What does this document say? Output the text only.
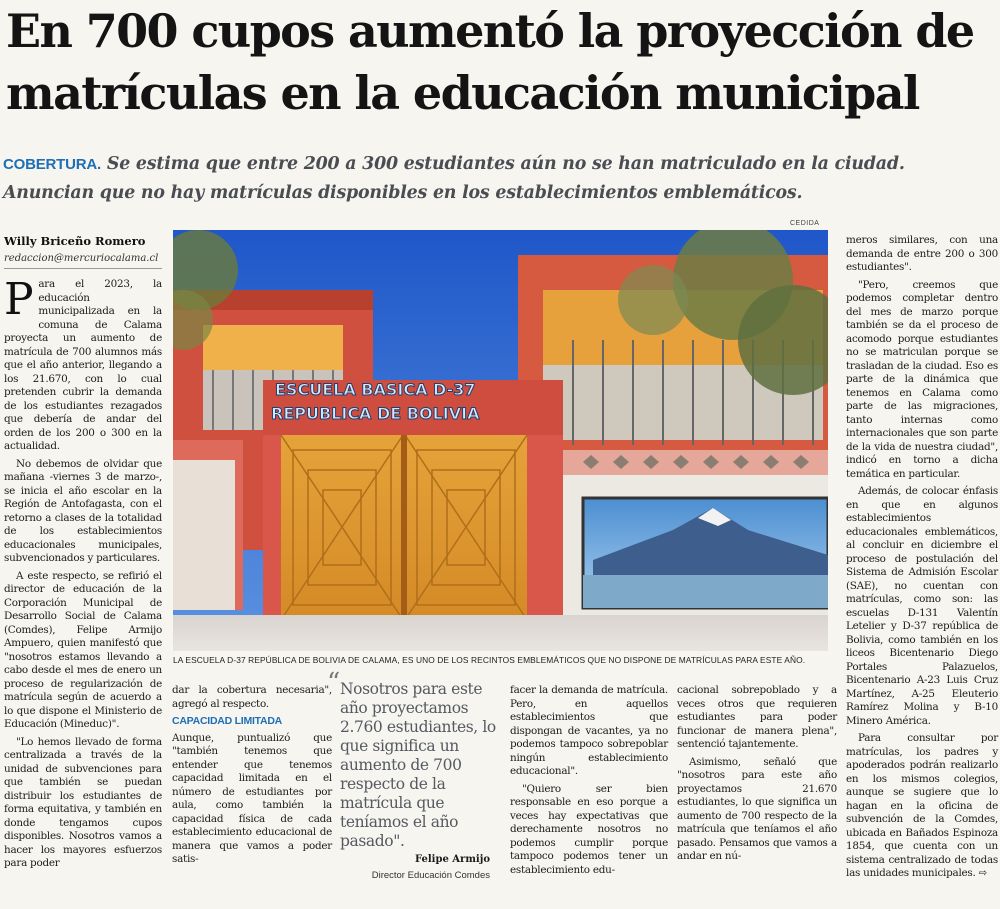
En 700 cupos aumentó la proyección de matrículas en la educación municipal
COBERTURA. Se estima que entre 200 a 300 estudiantes aún no se han matriculado en la ciudad. Anuncian que no hay matrículas disponibles en los establecimientos emblemáticos.
Willy Briceño Romero
redaccion@mercuriocalama.cl

Para el 2023, la educación municipalizada en la comuna de Calama proyecta un aumento de matrícula de 700 alumnos más que el año anterior, llegando a los 21.670, con lo cual pretenden cubrir la demanda de los estudiantes rezagados que debería de andar del orden de los 200 o 300 en la actualidad.

No debemos de olvidar que mañana -viernes 3 de marzo-, se inicia el año escolar en la Región de Antofagasta, con el retorno a clases de la totalidad de los establecimientos educacionales municipales, subvencionados y particulares.

A este respecto, se refirió el director de educación de la Corporación Municipal de Desarrollo Social de Calama (Comdes), Felipe Armijo Ampuero, quien manifestó que "nosotros estamos llevando a cabo desde el mes de enero un proceso de regularización de matrícula según de acuerdo a lo que dispone el Ministerio de Educación (Mineduc)".

"Lo hemos llevado de forma centralizada a través de la unidad de subvenciones para que también se puedan distribuir los estudiantes de forma equitativa, y también en donde tengamos cupos disponibles. Nosotros vamos a hacer los mayores esfuerzos para poder

CEDIDA
ESCUELA BASICA D-37
REPUBLICA DE BOLIVIA
LA ESCUELA D-37 REPÚBLICA DE BOLIVIA DE CALAMA, ES UNO DE LOS RECINTOS EMBLEMÁTICOS QUE NO DISPONE DE MATRÍCULAS PARA ESTE AÑO.

dar la cobertura necesaria", agregó al respecto.

CAPACIDAD LIMITADA

Aunque, puntualizó que "también tenemos que entender que tenemos capacidad limitada en el número de estudiantes por aula, como también la capacidad física de cada establecimiento educacional de manera que vamos a poder satis-

“ Nosotros para este año proyectamos 2.760 estudiantes, lo que significa un aumento de 700 respecto de la matrícula que teníamos el año pasado".
Felipe Armijo
Director Educación Comdes

facer la demanda de matrícula. Pero, en aquellos establecimientos que dispongan de vacantes, ya no podemos tampoco sobrepoblar ningún establecimiento educacional".

"Quiero ser bien responsable en eso porque a veces hay expectativas que derechamente nosotros no podemos cumplir porque tampoco podemos tener un establecimiento edu-

cacional sobrepoblado y a veces otros que requieren estudiantes para poder funcionar de manera plena", sentenció tajantemente.

Asimismo, señaló que "nosotros para este año proyectamos 21.670 estudiantes, lo que significa un aumento de 700 respecto de la matrícula que teníamos el año pasado. Pensamos que vamos a andar en nú-

meros similares, con una demanda de entre 200 o 300 estudiantes".

"Pero, creemos que podemos completar dentro del mes de marzo porque también se da el proceso de acomodo porque estudiantes no se matriculan porque se trasladan de la ciudad. Eso es parte de la dinámica que tenemos en Calama como parte de las migraciones, tanto internas como internacionales que son parte de la vida de nuestra ciudad", indicó en torno a dicha temática en particular.

Además, de colocar énfasis en que en algunos establecimientos educacionales emblemáticos, al concluir en diciembre el proceso de postulación del Sistema de Admisión Escolar (SAE), no cuentan con matrículas, como son: las escuelas D-131 Valentín Letelier y D-37 república de Bolivia, como también en los liceos Bicentenario Diego Portales Palazuelos, Bicentenario A-23 Luis Cruz Martínez, A-25 Eleuterio Ramírez Molina y B-10 Minero América.

Para consultar por matrículas, los padres y apoderados podrán realizarlo en los mismos colegios, aunque se sugiere que lo hagan en la oficina de subvención de la Comdes, ubicada en Bañados Espinoza 1854, que cuenta con un sistema centralizado de todas las unidades municipales. ⇨
